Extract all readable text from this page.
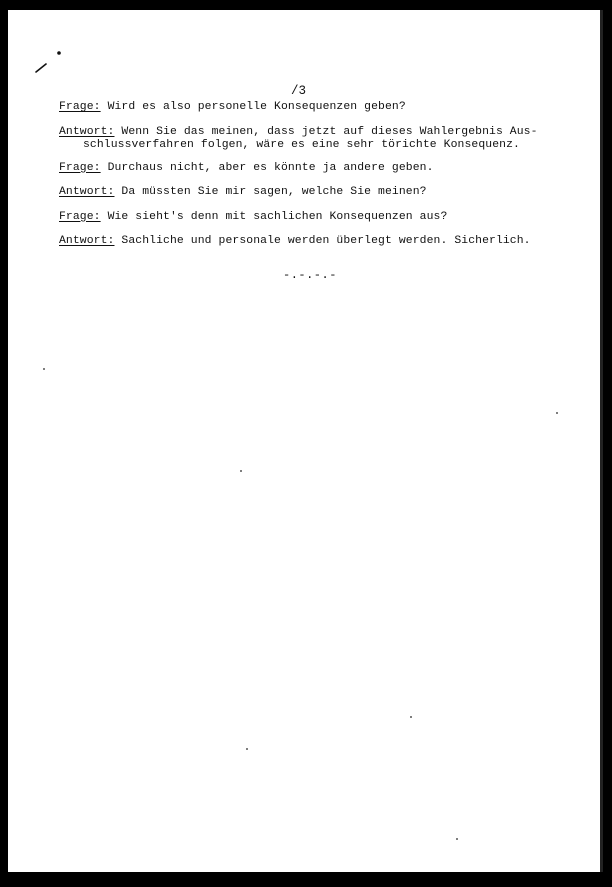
/3
Frage: Wird es also personelle Konsequenzen geben?
Antwort: Wenn Sie das meinen, dass jetzt auf dieses Wahlergebnis Aus-
schlussverfahren folgen, wäre es eine sehr törichte Konsequenz.
Frage: Durchaus nicht, aber es könnte ja andere geben.
Antwort: Da müssten Sie mir sagen, welche Sie meinen?
Frage: Wie sieht's denn mit sachlichen Konsequenzen aus?
Antwort: Sachliche und personale werden überlegt werden. Sicherlich.
-.-.-.-
